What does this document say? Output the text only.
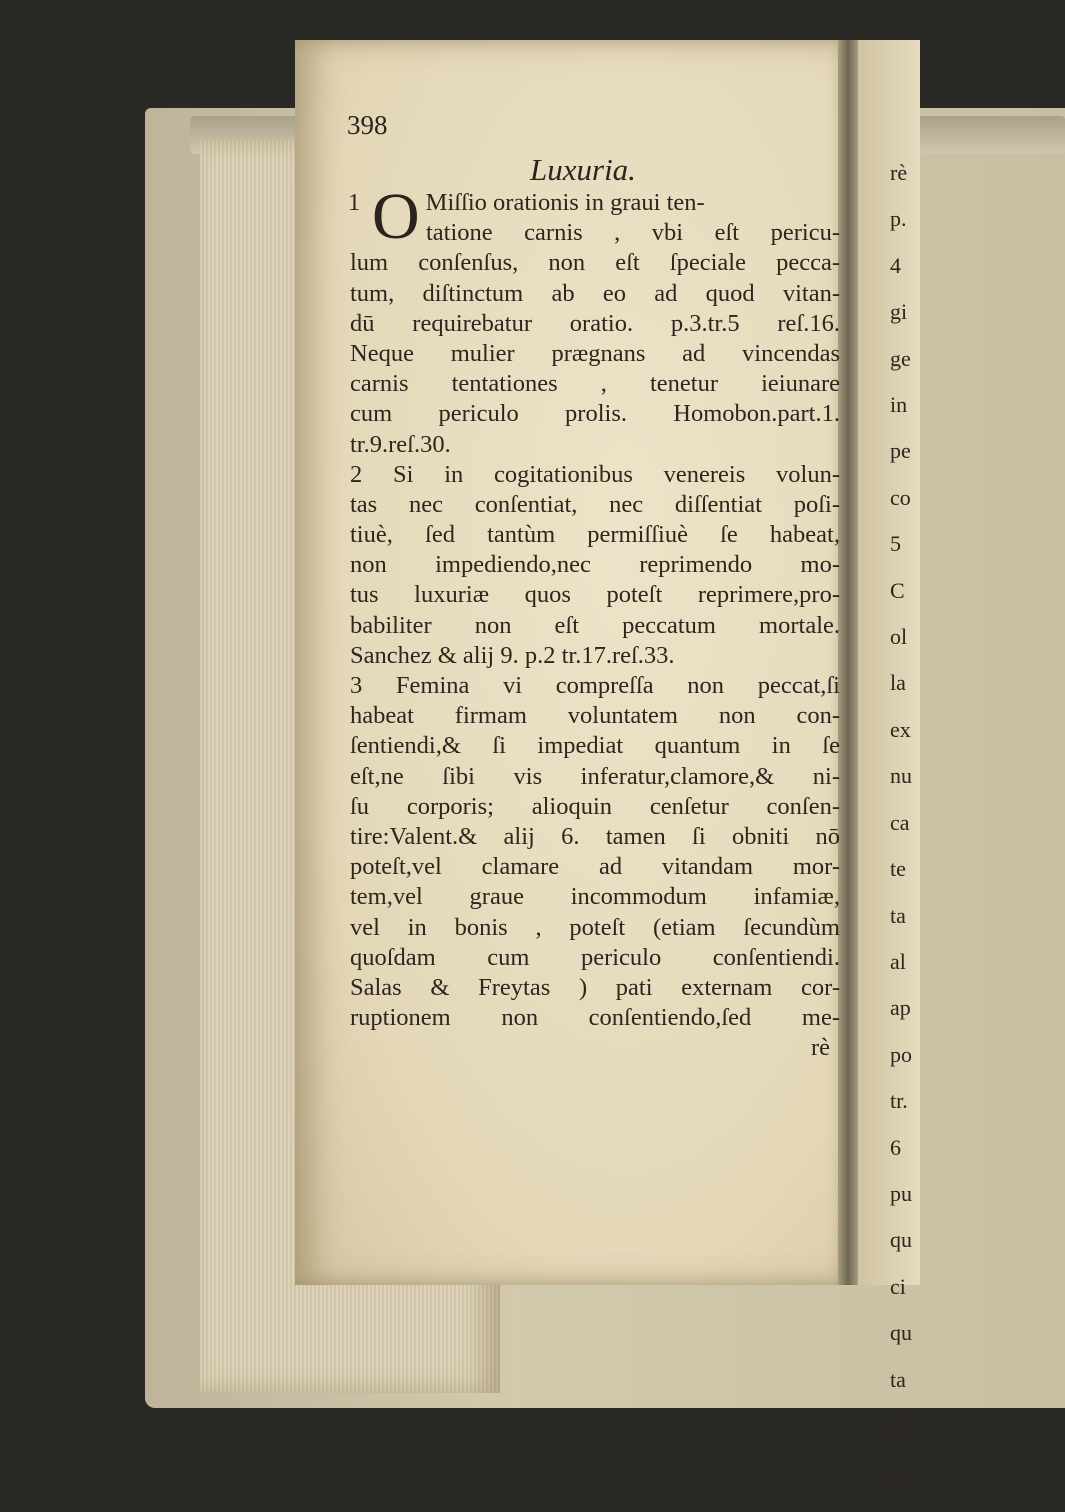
398
Luxuria.
1 O Miſſio orationis in graui ten-
tatione carnis , vbi eſt pericu-
lum conſenſus, non eſt ſpeciale pecca-
tum, diſtinctum ab eo ad quod vitan-
dū requirebatur oratio. p.3.tr.5 reſ.16.
Neque mulier prægnans ad vincendas
carnis tentationes , tenetur ieiunare
cum periculo prolis. Homobon.part.1.
tr.9.reſ.30.
2 Si in cogitationibus venereis volun-
tas nec conſentiat, nec diſſentiat poſi-
tiuè, ſed tantùm permiſſiuè ſe habeat,
non impediendo,nec reprimendo mo-
tus luxuriæ quos poteſt reprimere,pro-
babiliter non eſt peccatum mortale.
Sanchez & alij 9. p.2 tr.17.reſ.33.
3 Femina vi compreſſa non peccat,ſi
habeat firmam voluntatem non con-
ſentiendi,& ſi impediat quantum in ſe
eſt,ne ſibi vis inferatur,clamore,& ni-
ſu corporis; alioquin cenſetur conſen-
tire:Valent.& alij 6. tamen ſi obniti nō
poteſt,vel clamare ad vitandam mor-
tem,vel graue incommodum infamiæ,
vel in bonis , poteſt (etiam ſecundùm
quoſdam cum periculo conſentiendi.
Salas & Freytas ) pati externam cor-
ruptionem non conſentiendo,ſed me-
rè
rè
p.
4
gi
ge
in
pe
co
5
C
ol
la
ex
nu
ca
te
ta
al
ap
po
tr.
6
pu
qu
ci
qu
ta
ab
qu
